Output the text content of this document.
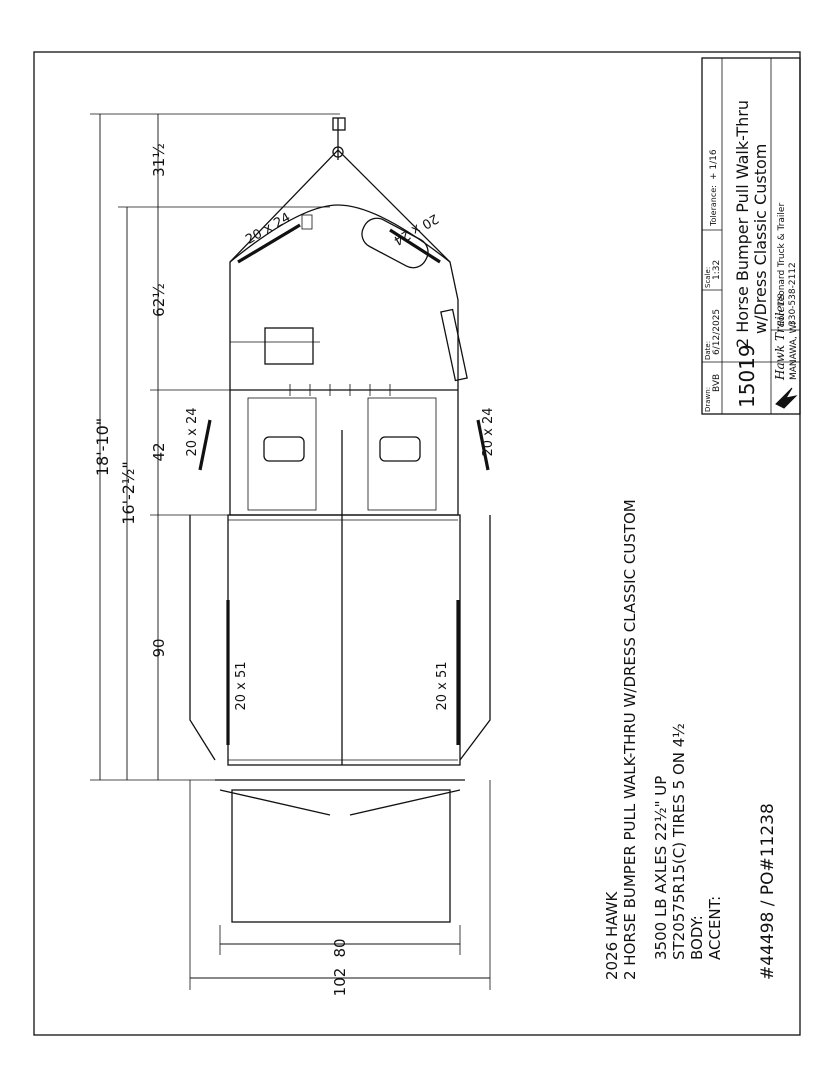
18'-10"
16'-2½"
31½
62½
42
90
80
102
20 x 24	20 x 24
20 x 24	20 x 24
20 x 51	20 x 51
2026 HAWK 2 HORSE BUMPER PULL WALK-THRU W/DRESS CLASSIC CUSTOM 3500 LB AXLES 22½" UP ST20575R15(C) TIRES 5 ON 4½ BODY: ACCENT: #44498 / PO#11238
Drawn:
BVB
Date: 6/12/2025
Scale: 1:32
Tolerance:
+ 1/16
15019
2 Horse Bumper Pull Walk-Thru w/Dress Classic Custom
Hawk Trailers MANAWA, WI
For: Leonard Truck & Trailer 330-538-2112
